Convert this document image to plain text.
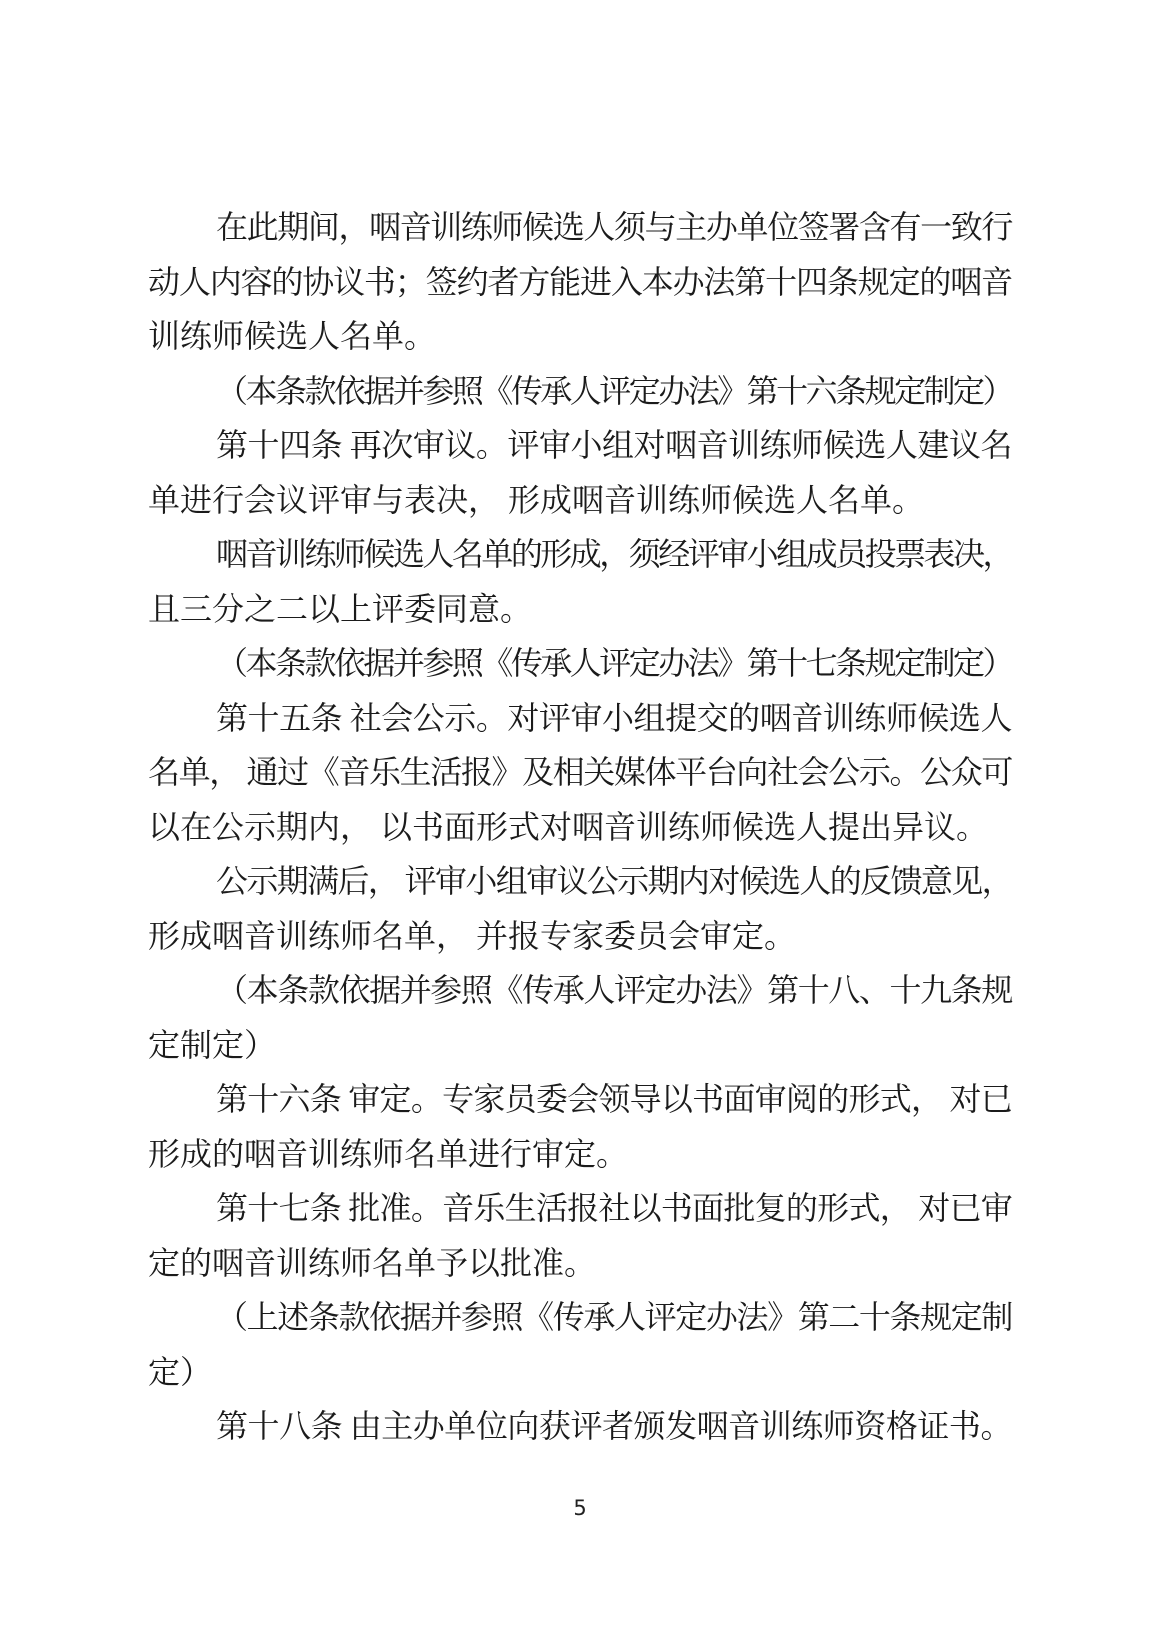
在此期间，咽音训练师候选人须与主办单位签署含有一致行
动人内容的协议书；签约者方能进入本办法第十四条规定的咽音
训练师候选人名单。
（本条款依据并参照《传承人评定办法》第十六条规定制定）
第十四条 再次审议。评审小组对咽音训练师候选人建议名
单进行会议评审与表决， 形成咽音训练师候选人名单。
咽音训练师候选人名单的形成，须经评审小组成员投票表决，
且三分之二以上评委同意。
（本条款依据并参照《传承人评定办法》第十七条规定制定）
第十五条 社会公示。对评审小组提交的咽音训练师候选人
名单， 通过《音乐生活报》及相关媒体平台向社会公示。公众可
以在公示期内， 以书面形式对咽音训练师候选人提出异议。
公示期满后， 评审小组审议公示期内对候选人的反馈意见，
形成咽音训练师名单， 并报专家委员会审定。
（本条款依据并参照《传承人评定办法》第十八、十九条规
定制定）
第十六条 审定。专家员委会领导以书面审阅的形式， 对已
形成的咽音训练师名单进行审定。
第十七条 批准。音乐生活报社以书面批复的形式， 对已审
定的咽音训练师名单予以批准。
（上述条款依据并参照《传承人评定办法》第二十条规定制
定）
第十八条 由主办单位向获评者颁发咽音训练师资格证书。
5
